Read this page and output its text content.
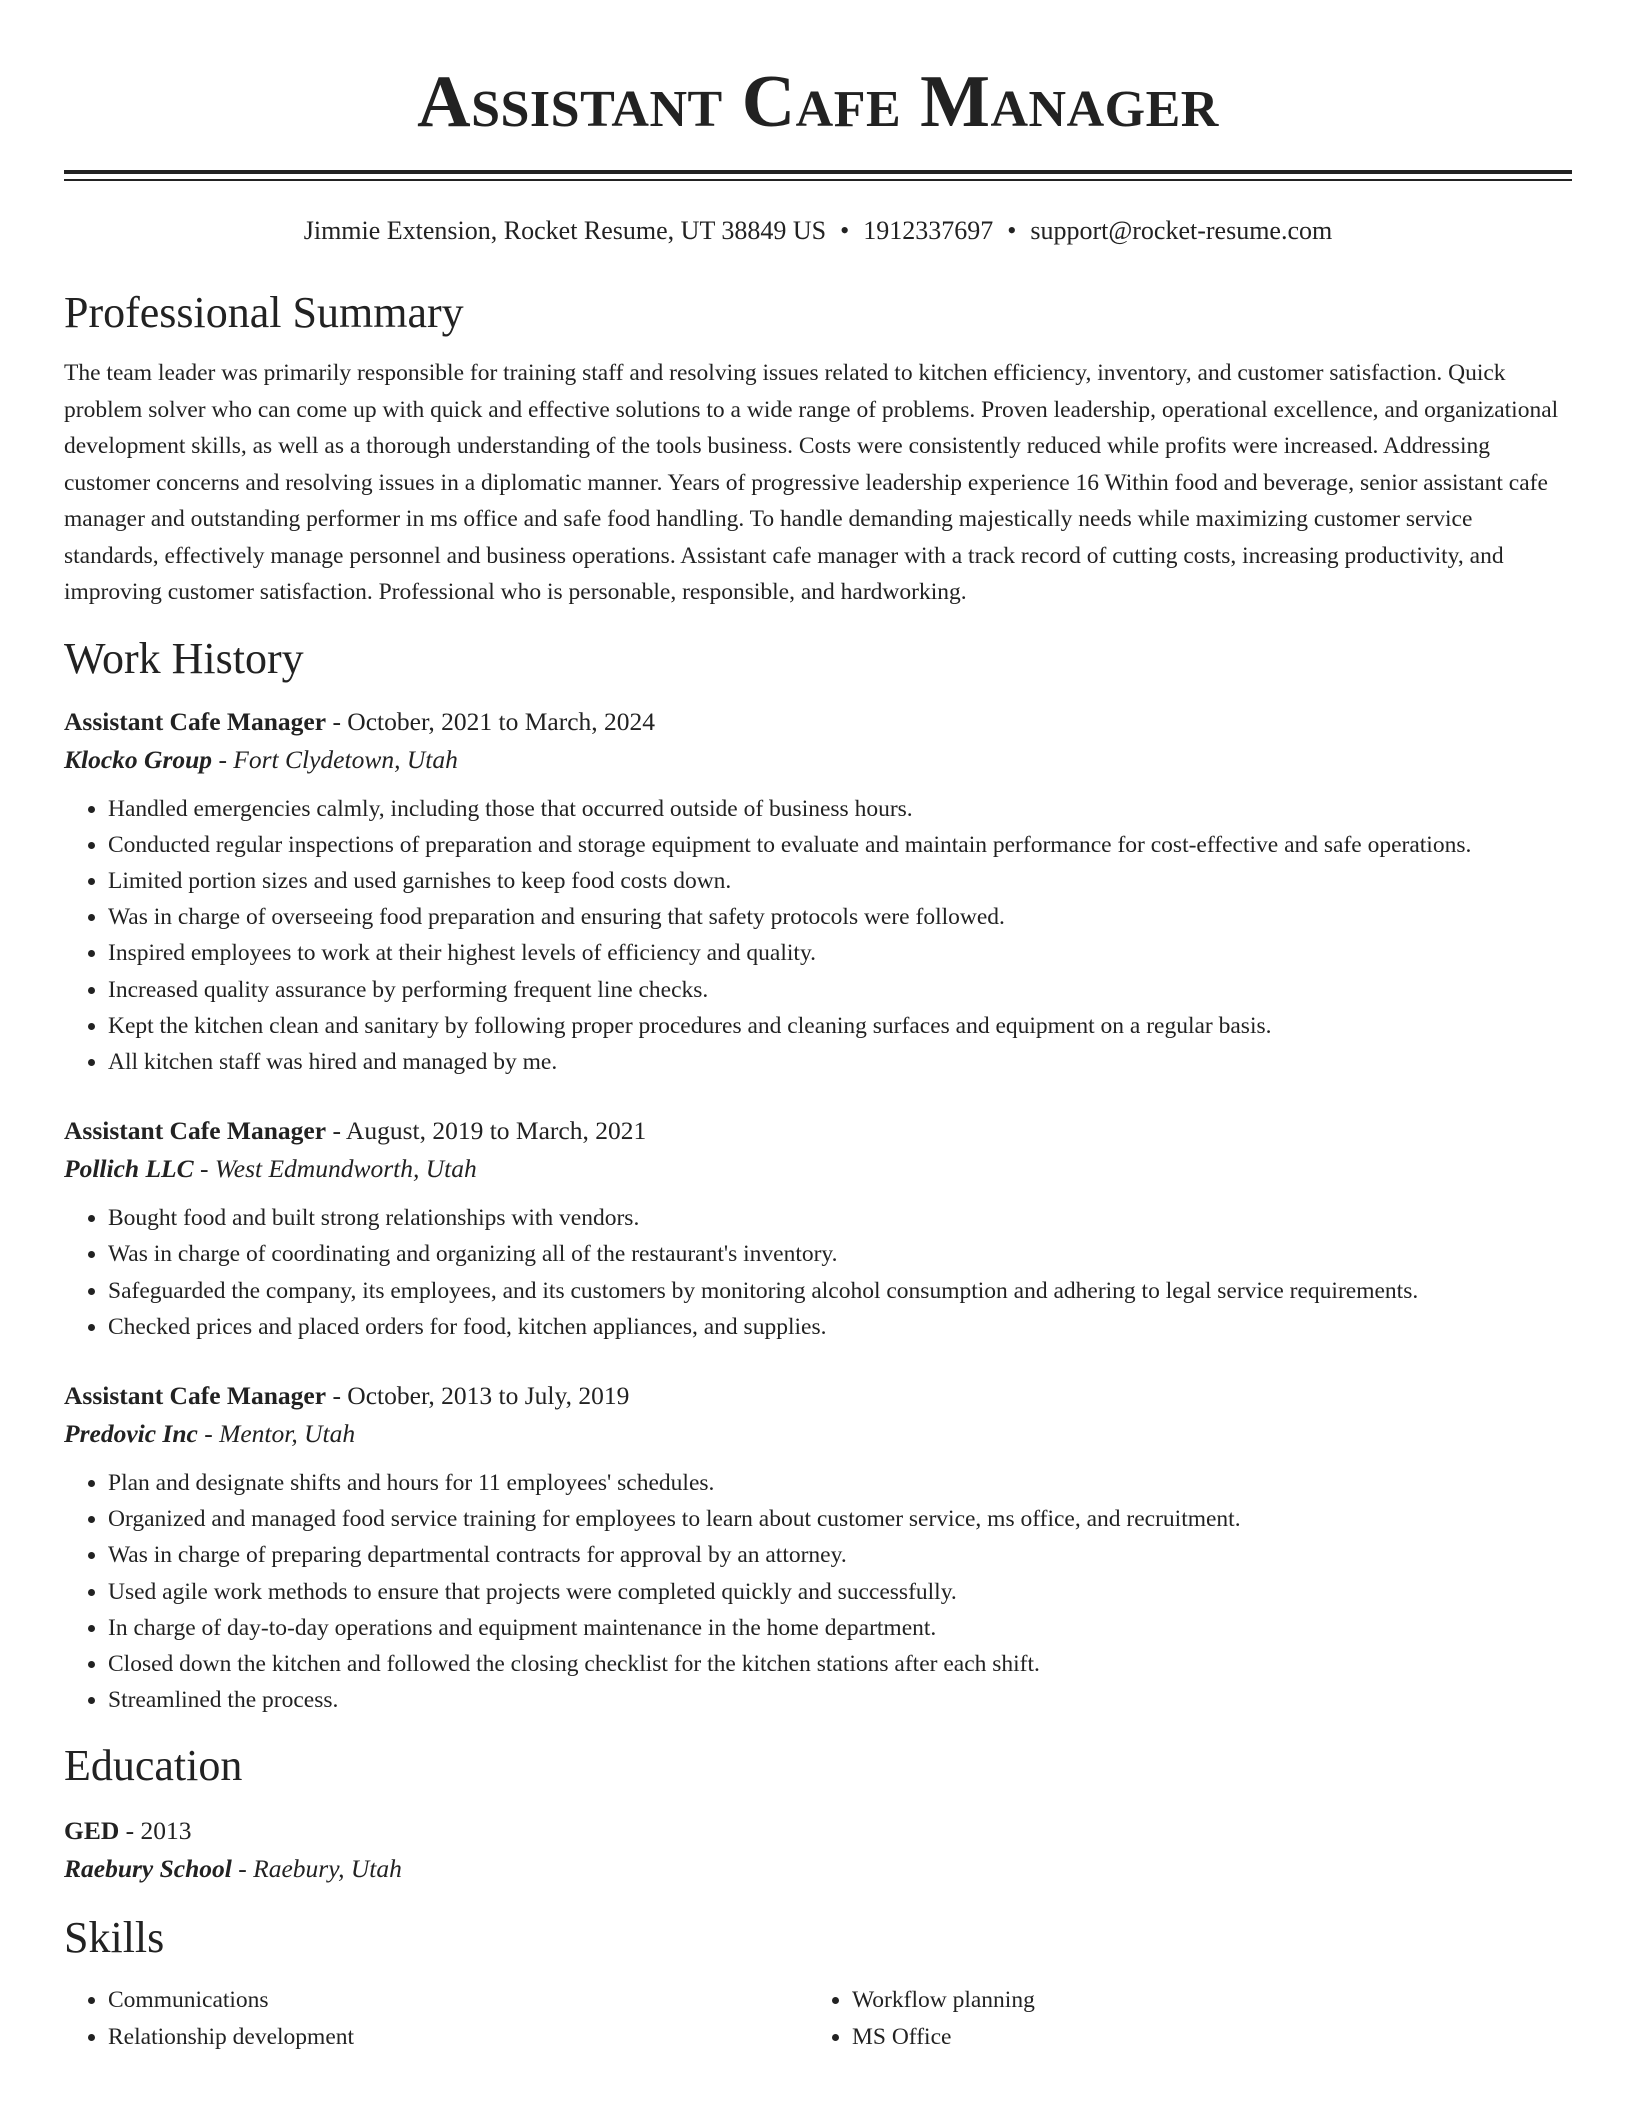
Assistant Cafe Manager
Jimmie Extension, Rocket Resume, UT 38849 US • 1912337697 • support@rocket-resume.com
Professional Summary
The team leader was primarily responsible for training staff and resolving issues related to kitchen efficiency, inventory, and customer satisfaction. Quick problem solver who can come up with quick and effective solutions to a wide range of problems. Proven leadership, operational excellence, and organizational development skills, as well as a thorough understanding of the tools business. Costs were consistently reduced while profits were increased. Addressing customer concerns and resolving issues in a diplomatic manner. Years of progressive leadership experience 16 Within food and beverage, senior assistant cafe manager and outstanding performer in ms office and safe food handling. To handle demanding majestically needs while maximizing customer service standards, effectively manage personnel and business operations. Assistant cafe manager with a track record of cutting costs, increasing productivity, and improving customer satisfaction. Professional who is personable, responsible, and hardworking.
Work History
Assistant Cafe Manager - October, 2021 to March, 2024
Klocko Group - Fort Clydetown, Utah
• Handled emergencies calmly, including those that occurred outside of business hours.
• Conducted regular inspections of preparation and storage equipment to evaluate and maintain performance for cost-effective and safe operations.
• Limited portion sizes and used garnishes to keep food costs down.
• Was in charge of overseeing food preparation and ensuring that safety protocols were followed.
• Inspired employees to work at their highest levels of efficiency and quality.
• Increased quality assurance by performing frequent line checks.
• Kept the kitchen clean and sanitary by following proper procedures and cleaning surfaces and equipment on a regular basis.
• All kitchen staff was hired and managed by me.
Assistant Cafe Manager - August, 2019 to March, 2021
Pollich LLC - West Edmundworth, Utah
• Bought food and built strong relationships with vendors.
• Was in charge of coordinating and organizing all of the restaurant's inventory.
• Safeguarded the company, its employees, and its customers by monitoring alcohol consumption and adhering to legal service requirements.
• Checked prices and placed orders for food, kitchen appliances, and supplies.
Assistant Cafe Manager - October, 2013 to July, 2019
Predovic Inc - Mentor, Utah
• Plan and designate shifts and hours for 11 employees' schedules.
• Organized and managed food service training for employees to learn about customer service, ms office, and recruitment.
• Was in charge of preparing departmental contracts for approval by an attorney.
• Used agile work methods to ensure that projects were completed quickly and successfully.
• In charge of day-to-day operations and equipment maintenance in the home department.
• Closed down the kitchen and followed the closing checklist for the kitchen stations after each shift.
• Streamlined the process.
Education
GED - 2013
Raebury School - Raebury, Utah
Skills
• Communications
• Relationship development
• Workflow planning
• MS Office
